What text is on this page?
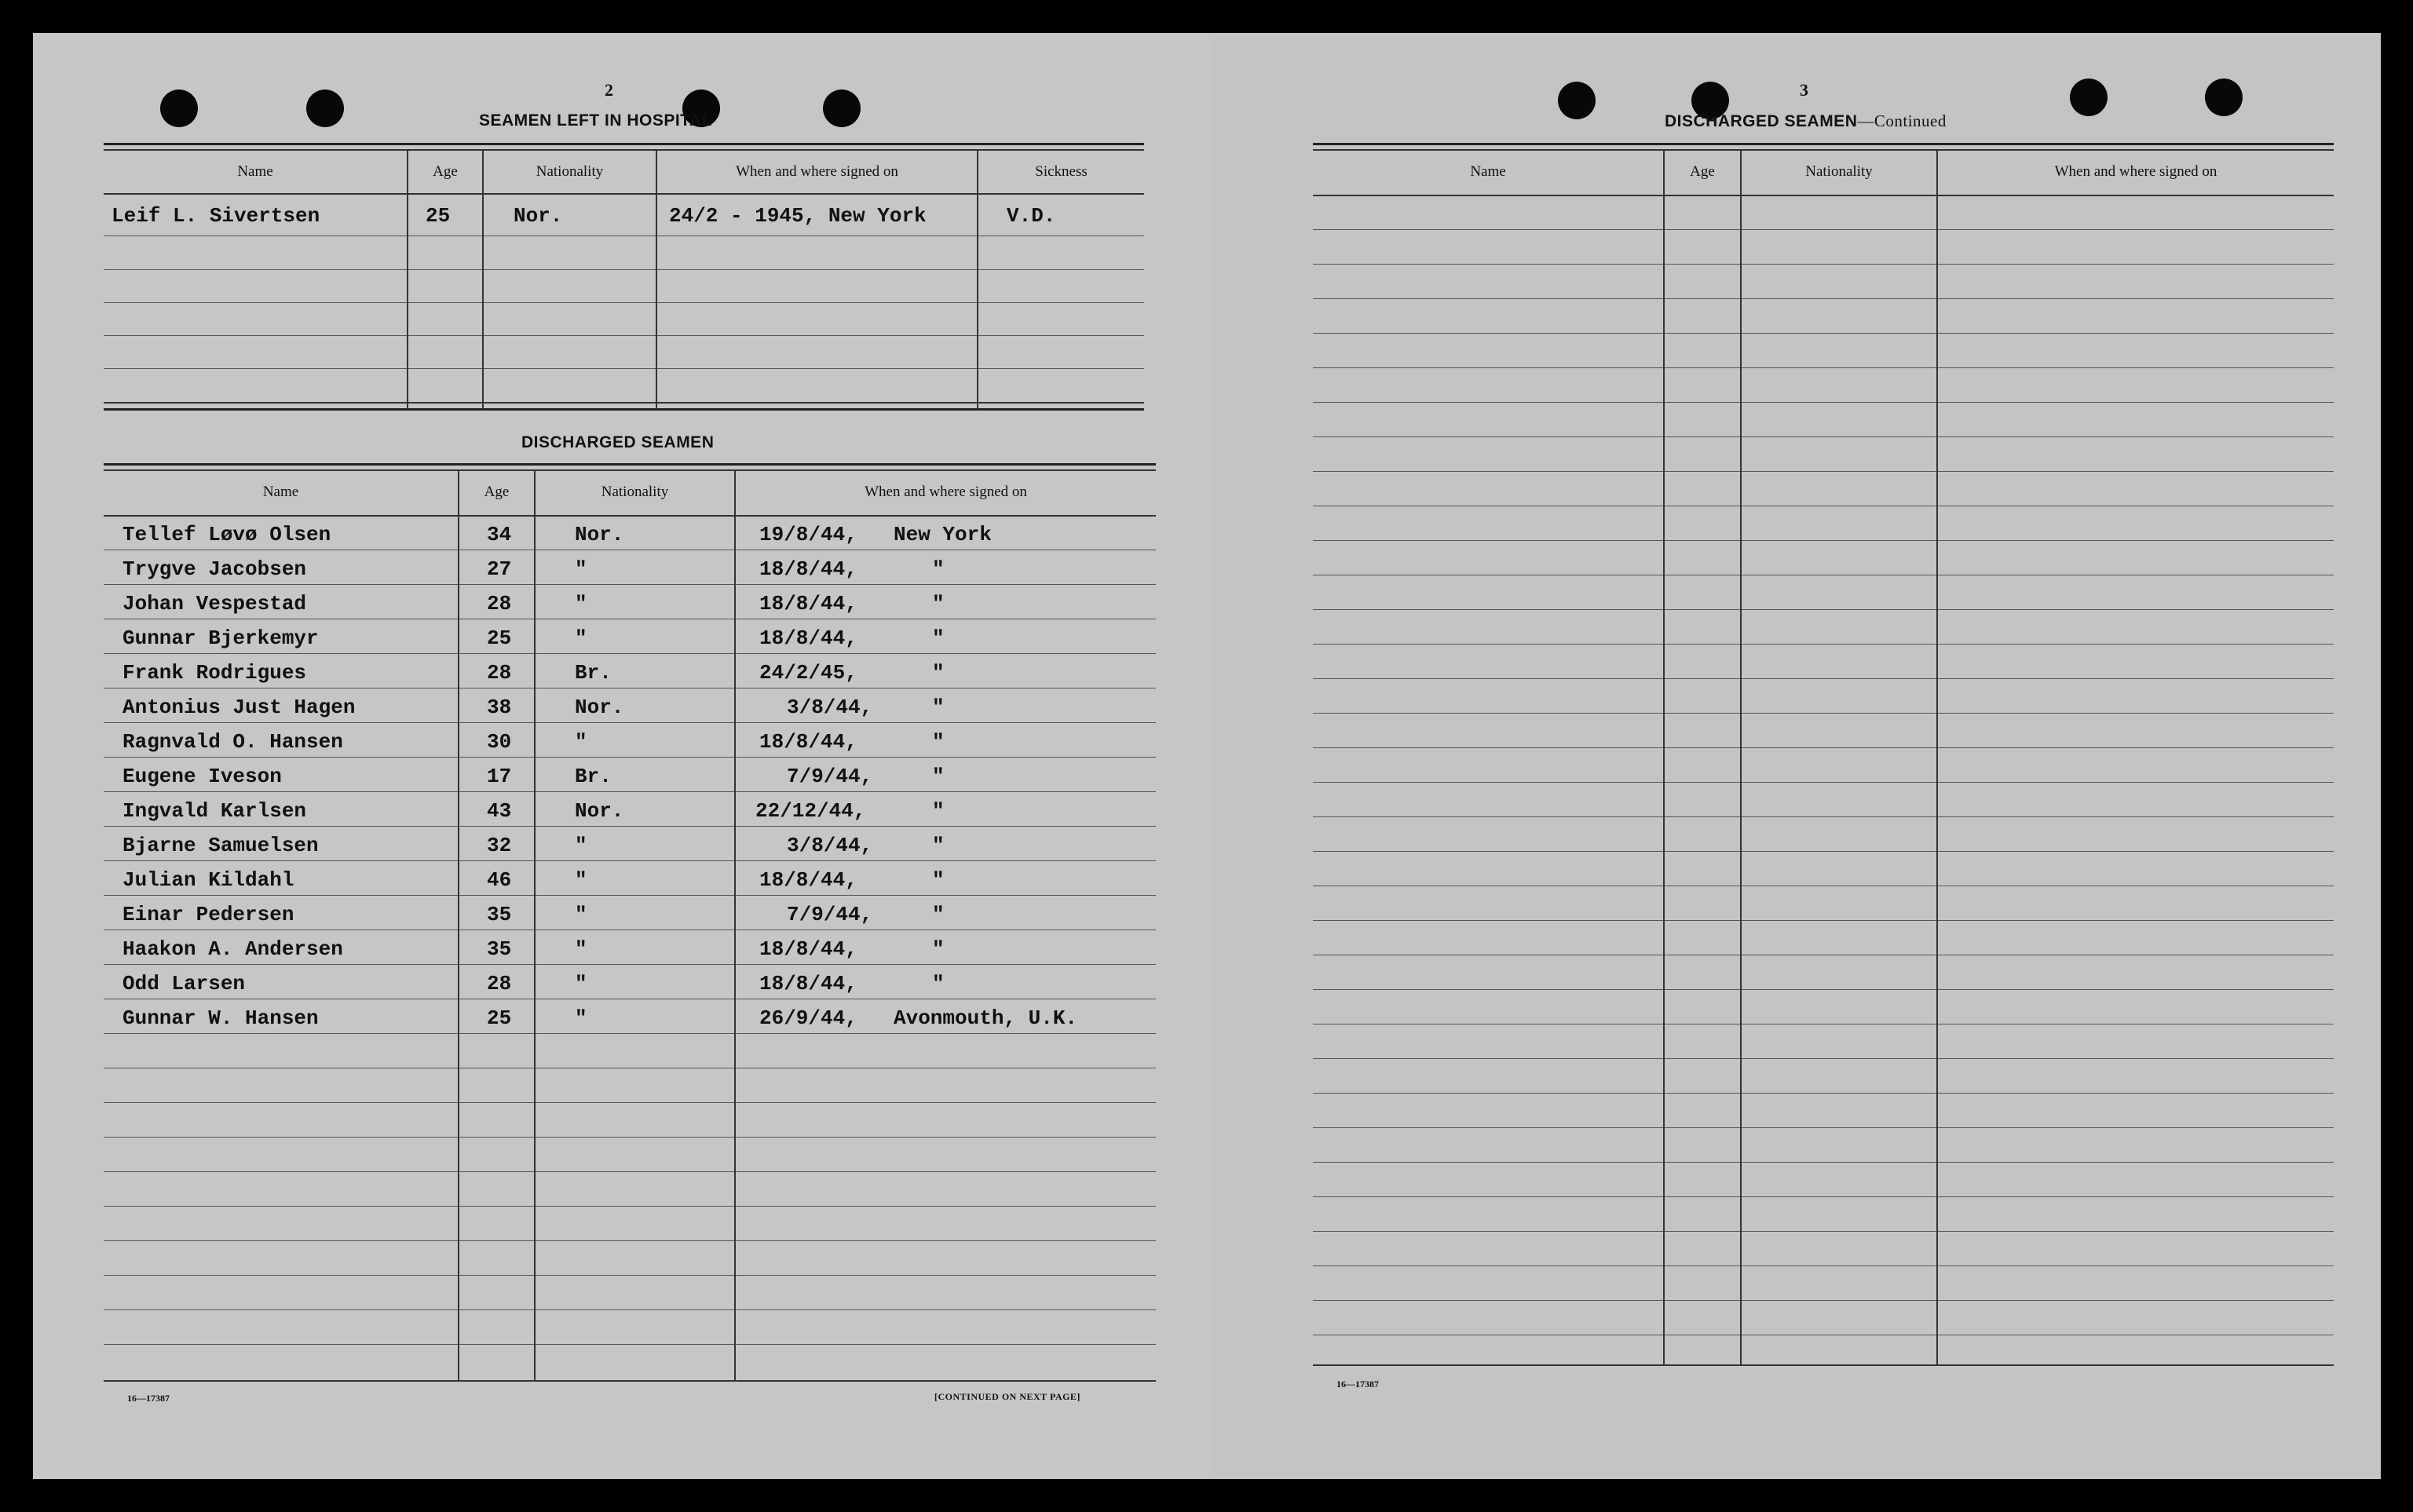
2
SEAMEN LEFT IN HOSPITAL
Name	Age	Nationality	When and where signed on	Sickness
Leif L. Sivertsen	25	Nor.	24/2 - 1945, New York	V.D.
DISCHARGED SEAMEN
Name	Age	Nationality	When and where signed on
Tellef Løvø Olsen	34	Nor.	19/8/44, New York
Trygve Jacobsen	27	"	18/8/44,	"
Johan Vespestad	28	"	18/8/44,	"
Gunnar Bjerkemyr	25	"	18/8/44,	"
Frank Rodrigues	28	Br.	24/2/45,	"
Antonius Just Hagen	38	Nor.	3/8/44,	"
Ragnvald O. Hansen	30	"	18/8/44,	"
Eugene Iveson	17	Br.	7/9/44,	"
Ingvald Karlsen	43	Nor.	22/12/44,	"
Bjarne Samuelsen	32	"	3/8/44,	"
Julian Kildahl	46	"	18/8/44,	"
Einar Pedersen	35	"	7/9/44,	"
Haakon A. Andersen	35	"	18/8/44,	"
Odd Larsen	28	"	18/8/44,	"
Gunnar W. Hansen	25	"	26/9/44, Avonmouth, U.K.
16—17387	[CONTINUED ON NEXT PAGE]
3
DISCHARGED SEAMEN—Continued
Name	Age	Nationality	When and where signed on
16—17387
